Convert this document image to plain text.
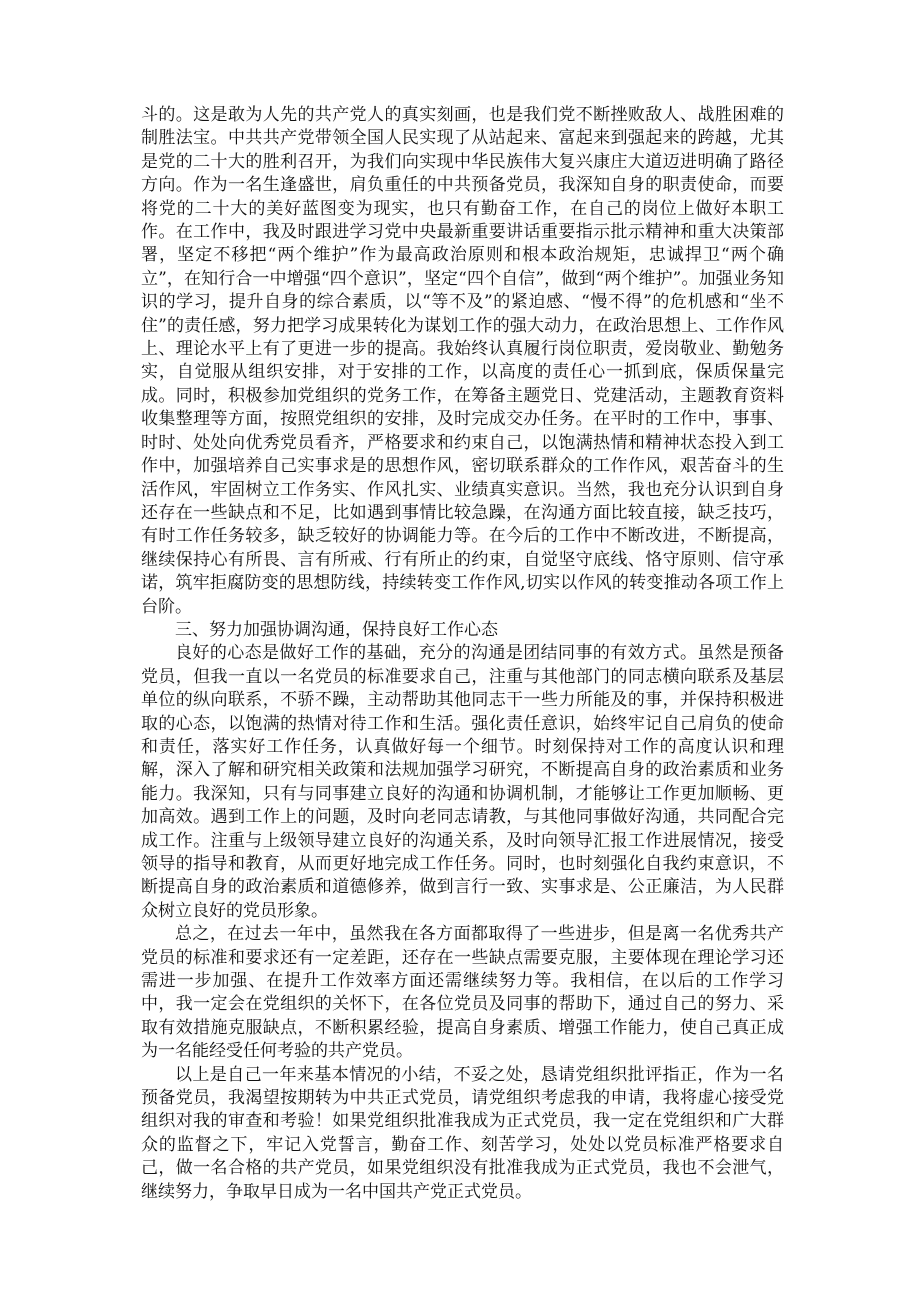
斗的。这是敢为人先的共产党人的真实刻画，也是我们党不断挫败敌人、战胜困难的制胜法宝。中共共产党带领全国人民实现了从站起来、富起来到强起来的跨越，尤其是党的二十大的胜利召开，为我们向实现中华民族伟大复兴康庄大道迈进明确了路径方向。作为一名生逢盛世，肩负重任的中共预备党员，我深知自身的职责使命，而要将党的二十大的美好蓝图变为现实，也只有勤奋工作，在自己的岗位上做好本职工作。在工作中，我及时跟进学习党中央最新重要讲话重要指示批示精神和重大决策部署，坚定不移把“两个维护”作为最高政治原则和根本政治规矩，忠诚捍卫“两个确立”，在知行合一中增强“四个意识”，坚定“四个自信”，做到“两个维护”。加强业务知识的学习，提升自身的综合素质，以“等不及”的紧迫感、“慢不得”的危机感和“坐不住”的责任感，努力把学习成果转化为谋划工作的强大动力，在政治思想上、工作作风上、理论水平上有了更进一步的提高。我始终认真履行岗位职责，爱岗敬业、勤勉务实，自觉服从组织安排，对于安排的工作，以高度的责任心一抓到底，保质保量完成。同时，积极参加党组织的党务工作，在筹备主题党日、党建活动，主题教育资料收集整理等方面，按照党组织的安排，及时完成交办任务。在平时的工作中，事事、时时、处处向优秀党员看齐，严格要求和约束自己，以饱满热情和精神状态投入到工作中，加强培养自己实事求是的思想作风，密切联系群众的工作作风，艰苦奋斗的生活作风，牢固树立工作务实、作风扎实、业绩真实意识。当然，我也充分认识到自身还存在一些缺点和不足，比如遇到事情比较急躁，在沟通方面比较直接，缺乏技巧，有时工作任务较多，缺乏较好的协调能力等。在今后的工作中不断改进，不断提高，继续保持心有所畏、言有所戒、行有所止的约束，自觉坚守底线、恪守原则、信守承诺，筑牢拒腐防变的思想防线，持续转变工作作风,切实以作风的转变推动各项工作上台阶。

三、努力加强协调沟通，保持良好工作心态

良好的心态是做好工作的基础，充分的沟通是团结同事的有效方式。虽然是预备党员，但我一直以一名党员的标准要求自己，注重与其他部门的同志横向联系及基层单位的纵向联系，不骄不躁，主动帮助其他同志干一些力所能及的事，并保持积极进取的心态，以饱满的热情对待工作和生活。强化责任意识，始终牢记自己肩负的使命和责任，落实好工作任务，认真做好每一个细节。时刻保持对工作的高度认识和理解，深入了解和研究相关政策和法规加强学习研究，不断提高自身的政治素质和业务能力。我深知，只有与同事建立良好的沟通和协调机制，才能够让工作更加顺畅、更加高效。遇到工作上的问题，及时向老同志请教，与其他同事做好沟通，共同配合完成工作。注重与上级领导建立良好的沟通关系，及时向领导汇报工作进展情况，接受领导的指导和教育，从而更好地完成工作任务。同时，也时刻强化自我约束意识，不断提高自身的政治素质和道德修养，做到言行一致、实事求是、公正廉洁，为人民群众树立良好的党员形象。

总之，在过去一年中，虽然我在各方面都取得了一些进步，但是离一名优秀共产党员的标准和要求还有一定差距，还存在一些缺点需要克服，主要体现在理论学习还需进一步加强、在提升工作效率方面还需继续努力等。我相信，在以后的工作学习中，我一定会在党组织的关怀下，在各位党员及同事的帮助下，通过自己的努力、采取有效措施克服缺点，不断积累经验，提高自身素质、增强工作能力，使自己真正成为一名能经受任何考验的共产党员。

以上是自己一年来基本情况的小结，不妥之处，恳请党组织批评指正，作为一名预备党员，我渴望按期转为中共正式党员，请党组织考虑我的申请，我将虚心接受党组织对我的审查和考验！如果党组织批准我成为正式党员，我一定在党组织和广大群众的监督之下，牢记入党誓言，勤奋工作、刻苦学习，处处以党员标准严格要求自己，做一名合格的共产党员，如果党组织没有批准我成为正式党员，我也不会泄气，继续努力，争取早日成为一名中国共产党正式党员。
